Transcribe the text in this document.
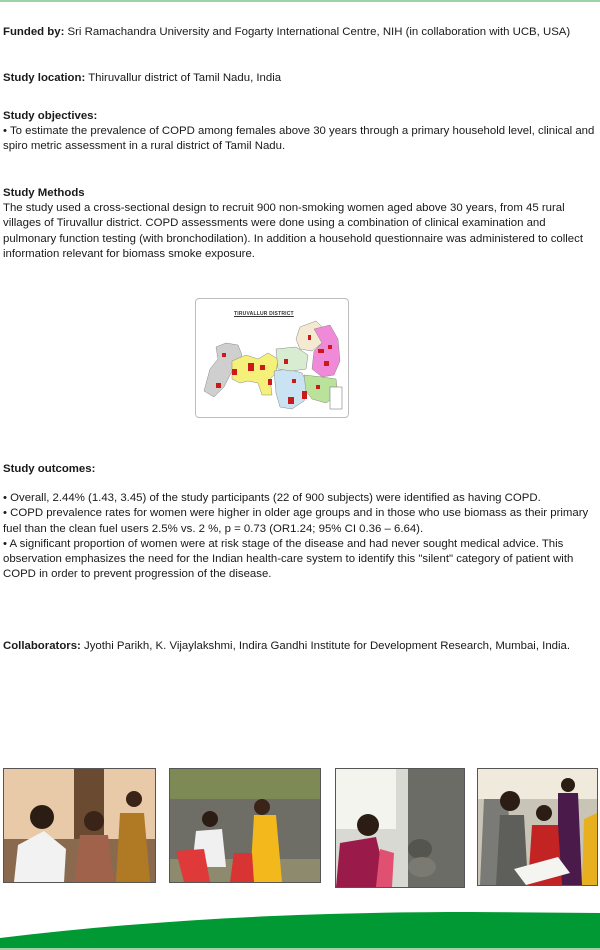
Funded by: Sri Ramachandra University and Fogarty International Centre, NIH (in collaboration with UCB, USA)

Study location: Thiruvallur district of Tamil Nadu, India

Study objectives:

• To estimate the prevalence of COPD among females above 30 years through a primary household level, clinical and spiro metric assessment in a rural district of Tamil Nadu.

Study Methods

The study used a cross-sectional design to recruit 900 non-smoking women aged above 30 years, from 45 rural villages of Tiruvallur district. COPD assessments were done using a combination of clinical examination and pulmonary function testing (with bronchodilation). In addition a household questionnaire was administered to collect information relevant for biomass smoke exposure.

TIRUVALLUR DISTRICT

Study outcomes:

• Overall, 2.44% (1.43, 3.45) of the study participants (22 of 900 subjects) were identified as having COPD.

• COPD prevalence rates for women were higher in older age groups and in those who use biomass as their primary fuel than the clean fuel users 2.5% vs. 2 %, p = 0.73 (OR1.24; 95% CI 0.36 – 6.64).

• A significant proportion of women were at risk stage of the disease and had never sought medical advice. This observation emphasizes the need for the Indian health-care system to identify this "silent" category of patient with COPD in order to prevent progression of the disease.

Collaborators: Jyothi Parikh, K. Vijaylakshmi, Indira Gandhi Institute for Development Research, Mumbai, India.
